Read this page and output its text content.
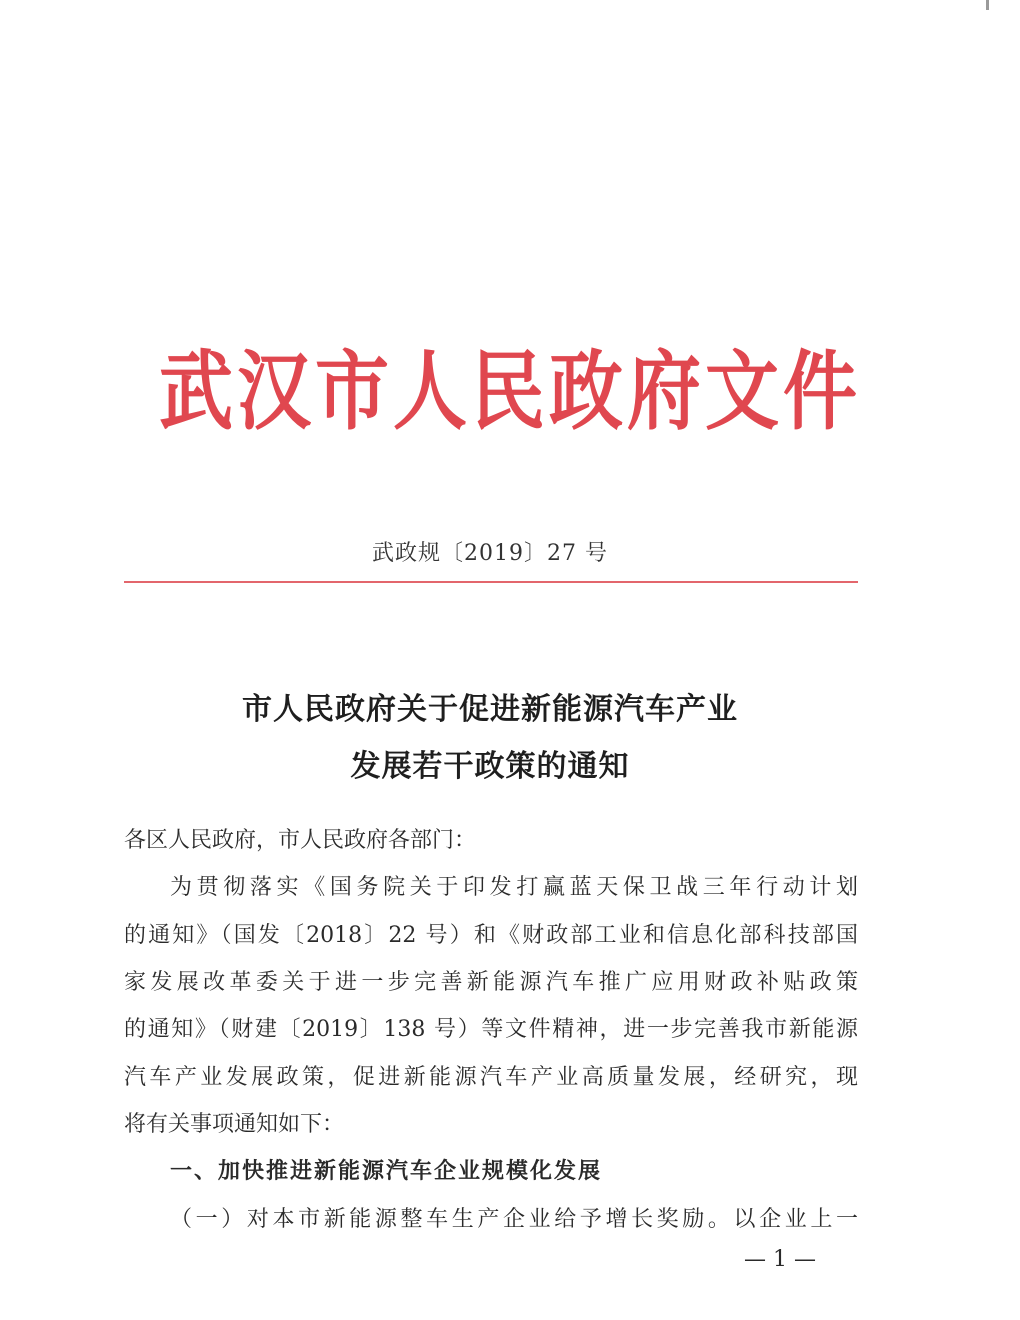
武汉市人民政府文件
武政规〔2019〕27 号
市人民政府关于促进新能源汽车产业
发展若干政策的通知
各区人民政府，市人民政府各部门：
为贯彻落实《国务院关于印发打赢蓝天保卫战三年行动计划
的通知》（国发〔2018〕22 号）和《财政部工业和信息化部科技部国
家发展改革委关于进一步完善新能源汽车推广应用财政补贴政策
的通知》（财建〔2019〕138 号）等文件精神，进一步完善我市新能源
汽车产业发展政策，促进新能源汽车产业高质量发展，经研究，现
将有关事项通知如下：
一、加快推进新能源汽车企业规模化发展
（一）对本市新能源整车生产企业给予增长奖励。以企业上一
— 1 —
